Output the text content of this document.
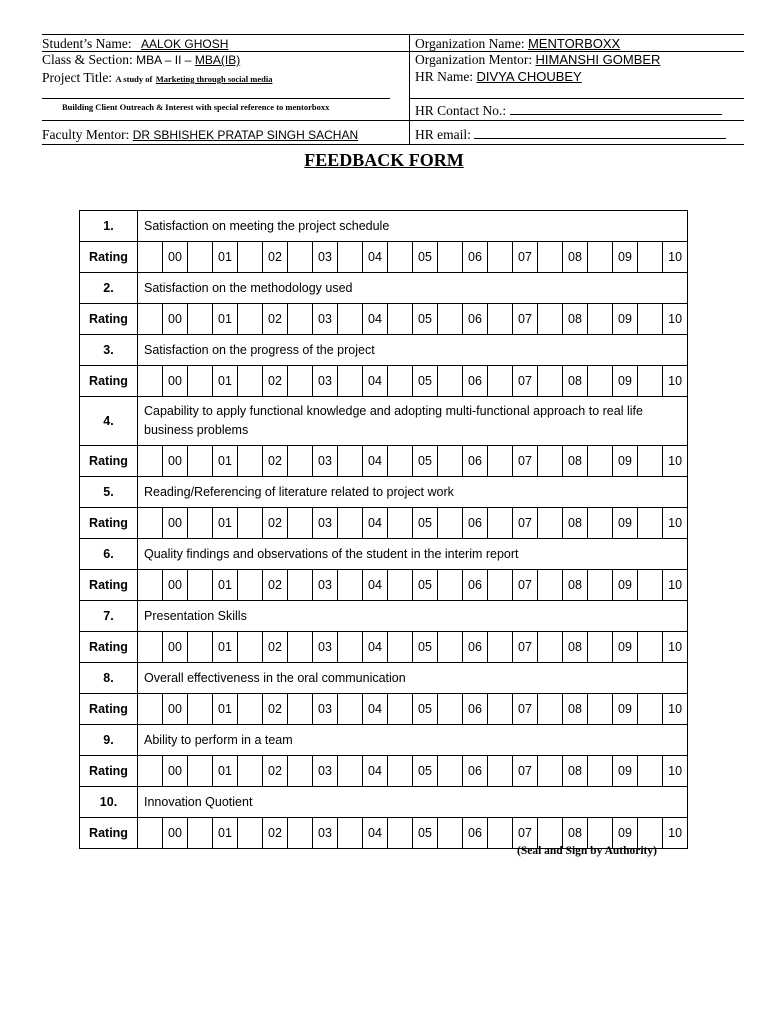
Student’s Name: AALOK GHOSH
Class & Section: MBA – II – MBA(IB)
Project Title: A study of Marketing through social media
Building Client Outreach & Interest with special reference to mentorboxx
Faculty Mentor: DR SBHISHEK PRATAP SINGH SACHAN
Organization Name: MENTORBOXX
Organization Mentor: HIMANSHI GOMBER
HR Name: DIVYA CHOUBEY
HR Contact No.:
HR email:
FEEDBACK FORM
1.	Satisfaction on meeting the project schedule																					
Rating		00		01		02		03		04		05		06		07		08		09		10
2.	Satisfaction on the methodology used																					
Rating		00		01		02		03		04		05		06		07		08		09		10
3.	Satisfaction on the progress of the project																					
Rating		00		01		02		03		04		05		06		07		08		09		10
4.	Capability to apply functional knowledge and adopting multi-functional approach to real life business problems																					
Rating		00		01		02		03		04		05		06		07		08		09		10
5.	Reading/Referencing of literature related to project work																					
Rating		00		01		02		03		04		05		06		07		08		09		10
6.	Quality findings and observations of the student in the interim report																					
Rating		00		01		02		03		04		05		06		07		08		09		10
7.	Presentation Skills																					
Rating		00		01		02		03		04		05		06		07		08		09		10
8.	Overall effectiveness in the oral communication																					
Rating		00		01		02		03		04		05		06		07		08		09		10
9.	Ability to perform in a team																					
Rating		00		01		02		03		04		05		06		07		08		09		10
10.	Innovation Quotient																					
Rating		00		01		02		03		04		05		06		07		08		09		10
(Seal and Sign by Authority)
